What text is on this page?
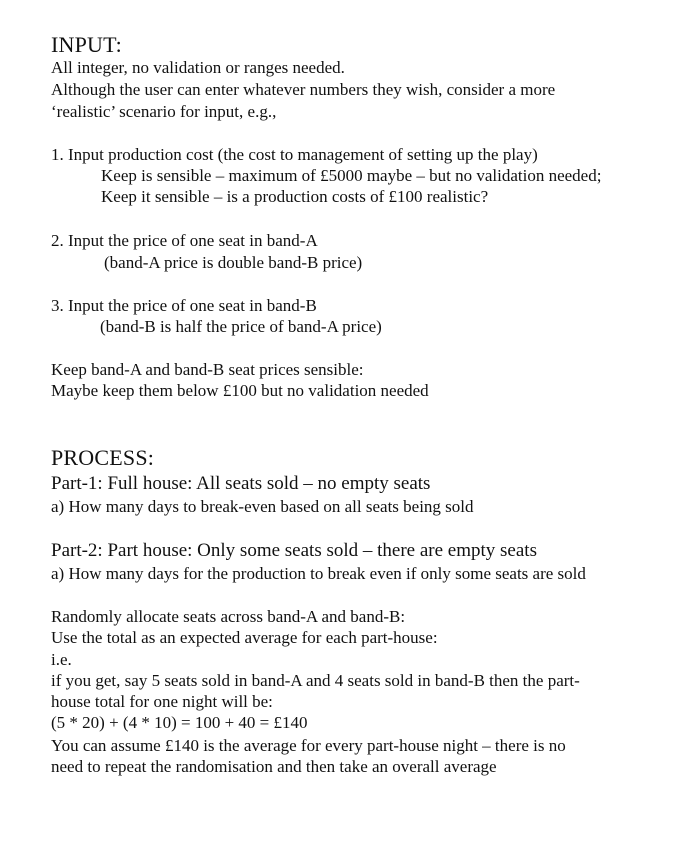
INPUT:
All integer, no validation or ranges needed.
Although the user can enter whatever numbers they wish, consider a more
‘realistic’ scenario for input, e.g.,
1. Input production cost (the cost to management of setting up the play)
Keep is sensible – maximum of £5000 maybe – but no validation needed;
Keep it sensible – is a production costs of £100 realistic?
2. Input the price of one seat in band-A
(band-A price is double band-B price)
3. Input the price of one seat in band-B
(band-B is half the price of band-A price)
Keep band-A and band-B seat prices sensible:
Maybe keep them below £100 but no validation needed
PROCESS:
Part-1: Full house: All seats sold – no empty seats
a) How many days to break-even based on all seats being sold
Part-2: Part house: Only some seats sold – there are empty seats
a) How many days for the production to break even if only some seats are sold
Randomly allocate seats across band-A and band-B:
Use the total as an expected average for each part-house:
i.e.
if you get, say 5 seats sold in band-A and 4 seats sold in band-B then the part-
house total for one night will be:
(5 * 20) + (4 * 10) = 100 + 40 = £140
You can assume £140 is the average for every part-house night – there is no
need to repeat the randomisation and then take an overall average
